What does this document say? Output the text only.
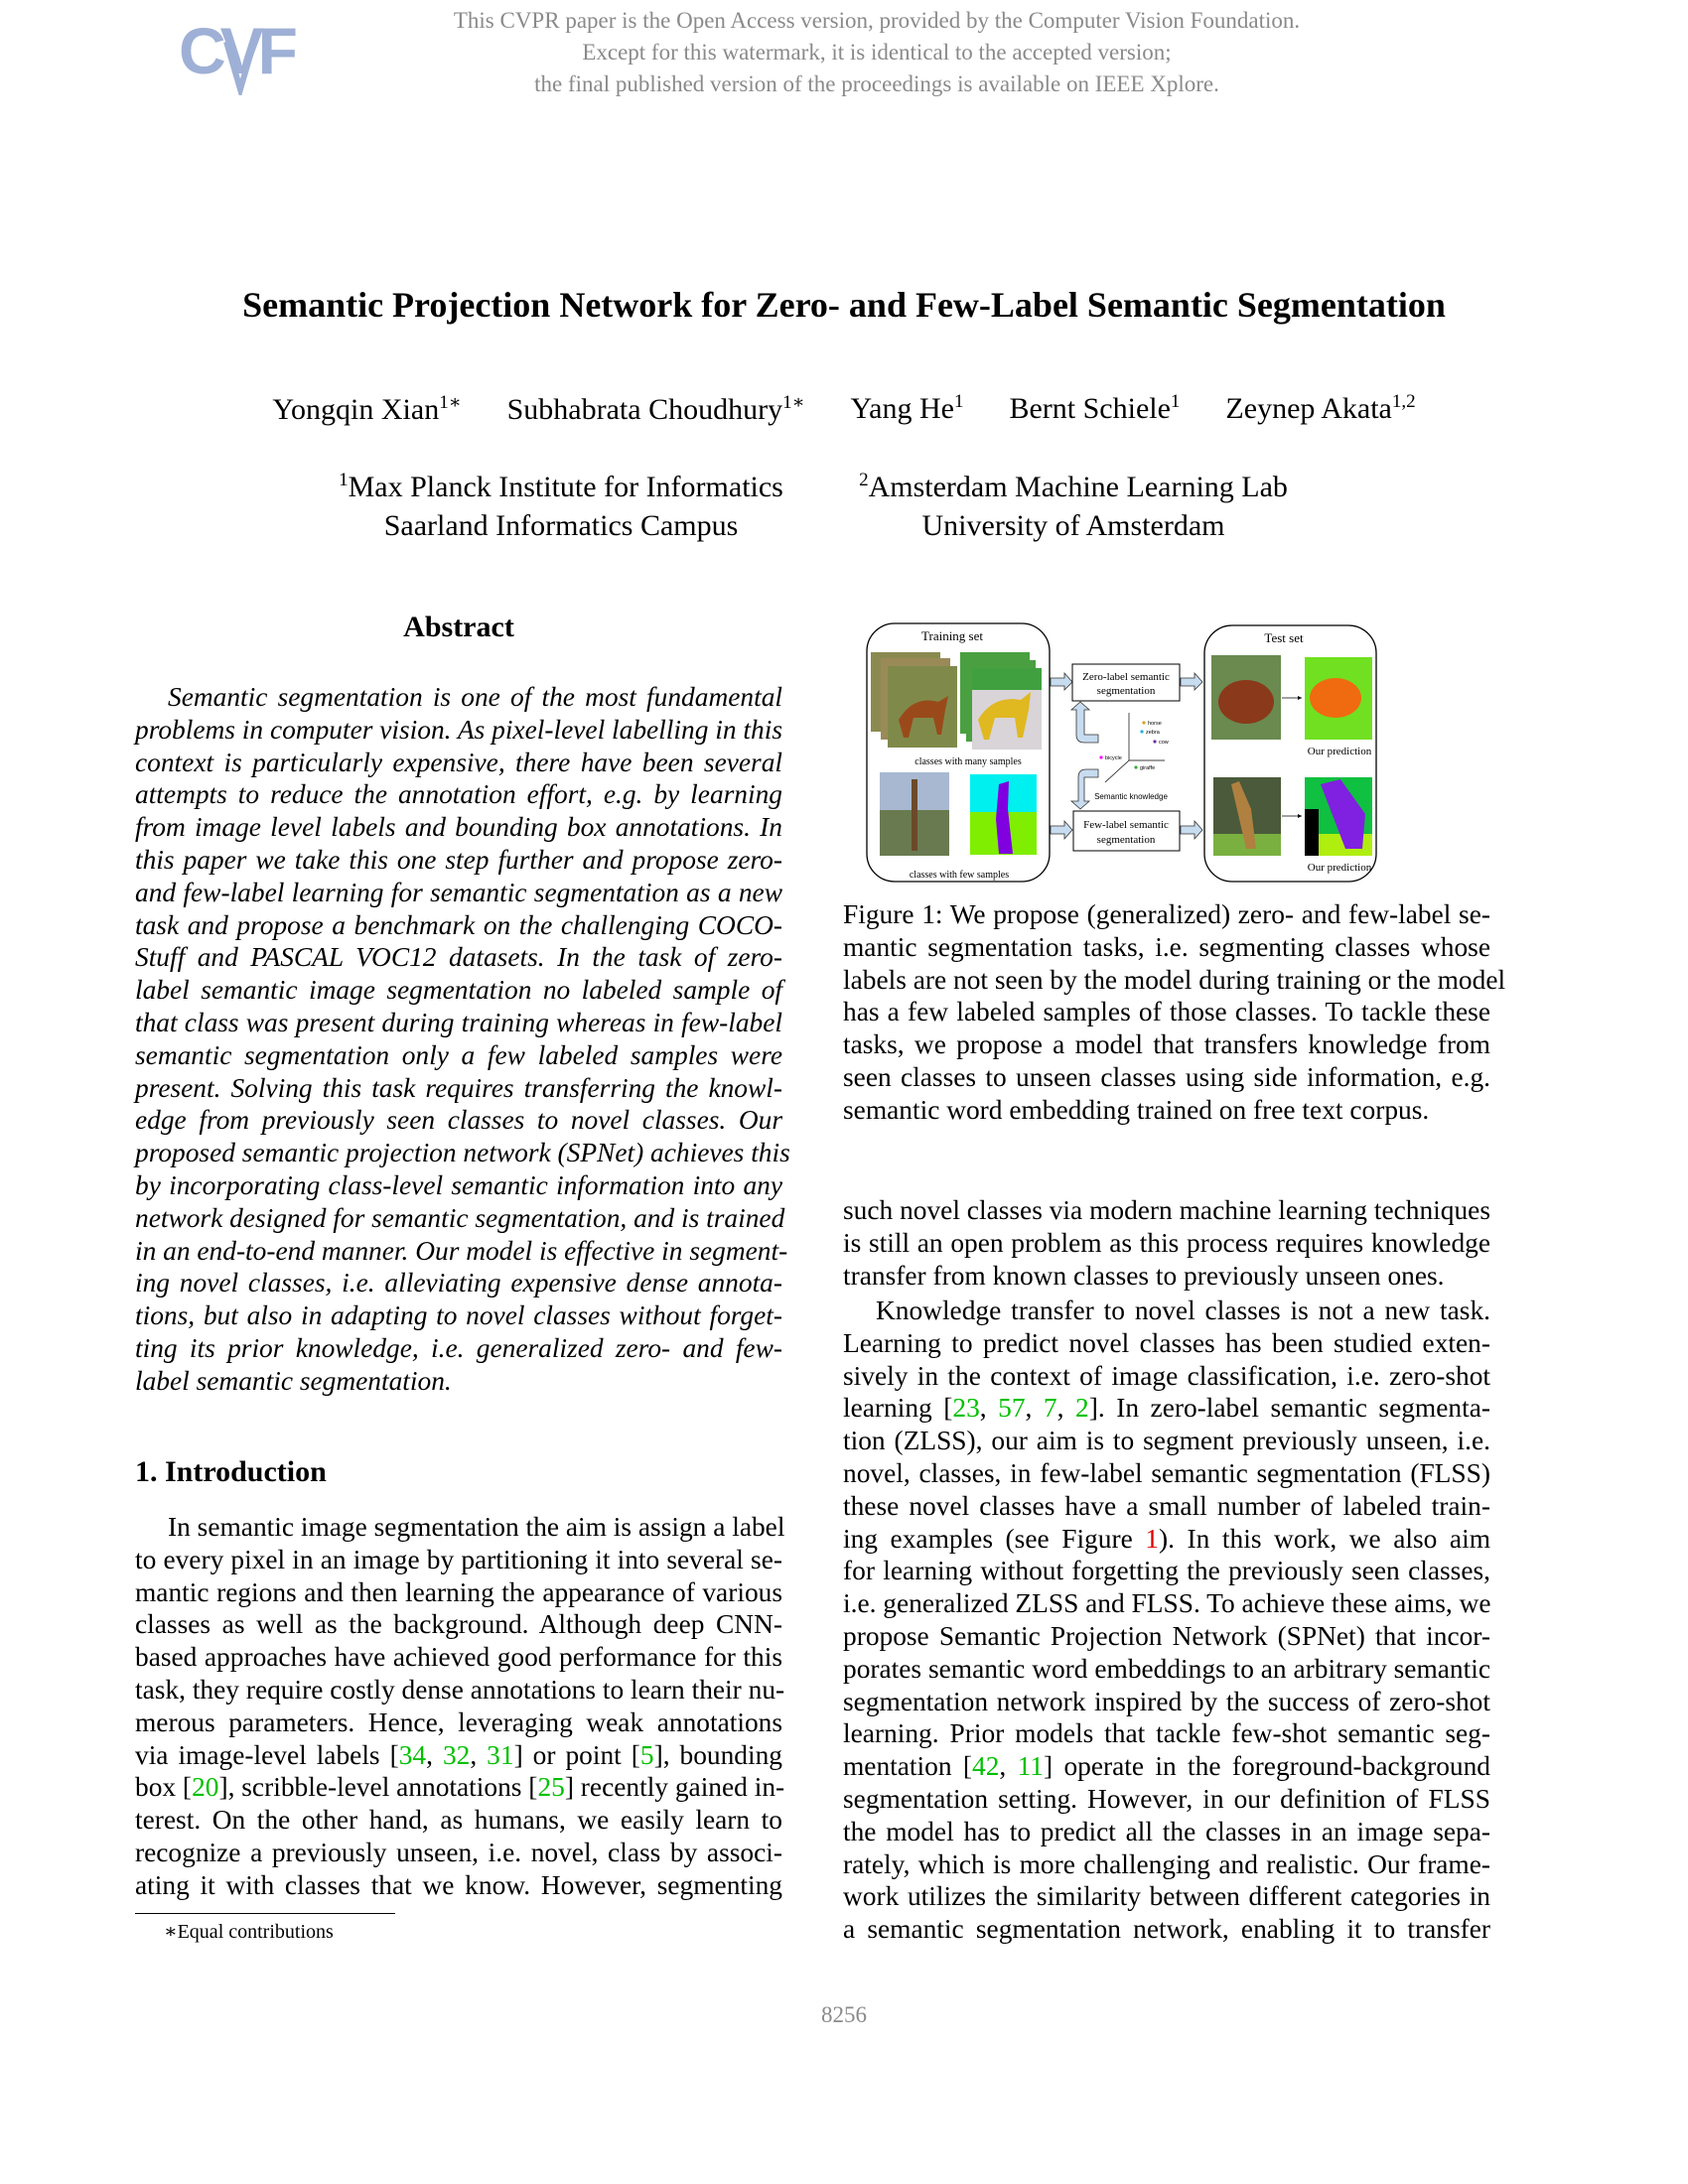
CVF	This CVPR paper is the Open Access version, provided by the Computer Vision Foundation.
Except for this watermark, it is identical to the accepted version;
the final published version of the proceedings is available on IEEE Xplore.
Semantic Projection Network for Zero- and Few-Label Semantic Segmentation
Yongqin Xian$^{1∗}$ Subhabrata Choudhury$^{1∗}$ Yang He$^1$ Bernt Schiele$^1$ Zeynep Akata$^{1,2}$
$^1$Max Planck Institute for Informatics
Saarland Informatics Campus
$^2$Amsterdam Machine Learning Lab
University of Amsterdam
Abstract
Semantic segmentation is one of the most fundamental
problems in computer vision. As pixel-level labelling in this
context is particularly expensive, there have been several
attempts to reduce the annotation effort, e.g. by learning
from image level labels and bounding box annotations. In
this paper we take this one step further and propose zero-
and few-label learning for semantic segmentation as a new
task and propose a benchmark on the challenging COCO-
Stuff and PASCAL VOC12 datasets. In the task of zero-
label semantic image segmentation no labeled sample of
that class was present during training whereas in few-label
semantic segmentation only a few labeled samples were
present. Solving this task requires transferring the knowl-
edge from previously seen classes to novel classes. Our
proposed semantic projection network (SPNet) achieves this
by incorporating class-level semantic information into any
network designed for semantic segmentation, and is trained
in an end-to-end manner. Our model is effective in segment-
ing novel classes, i.e. alleviating expensive dense annota-
tions, but also in adapting to novel classes without forget-
ting its prior knowledge, i.e. generalized zero- and few-
label semantic segmentation.
1. Introduction
In semantic image segmentation the aim is assign a label
to every pixel in an image by partitioning it into several se-
mantic regions and then learning the appearance of various
classes as well as the background. Although deep CNN-
based approaches have achieved good performance for this
task, they require costly dense annotations to learn their nu-
merous parameters. Hence, leveraging weak annotations
via image-level labels [34, 32, 31] or point [5], bounding
box [20], scribble-level annotations [25] recently gained in-
terest. On the other hand, as humans, we easily learn to
recognize a previously unseen, i.e. novel, class by associ-
ating it with classes that we know. However, segmenting
∗Equal contributions
Training set	Test set
classes with many samples
classes with few samples
Zero-label semantic
segmentation
Few-label semantic
segmentation
horse
zebra
cow
bicycle
giraffe
Semantic knowledge
Our prediction
Our prediction
Figure 1: We propose (generalized) zero- and few-label se-
mantic segmentation tasks, i.e. segmenting classes whose
labels are not seen by the model during training or the model
has a few labeled samples of those classes. To tackle these
tasks, we propose a model that transfers knowledge from
seen classes to unseen classes using side information, e.g.
semantic word embedding trained on free text corpus.
such novel classes via modern machine learning techniques
is still an open problem as this process requires knowledge
transfer from known classes to previously unseen ones.
Knowledge transfer to novel classes is not a new task.
Learning to predict novel classes has been studied exten-
sively in the context of image classification, i.e. zero-shot
learning [23, 57, 7, 2]. In zero-label semantic segmenta-
tion (ZLSS), our aim is to segment previously unseen, i.e.
novel, classes, in few-label semantic segmentation (FLSS)
these novel classes have a small number of labeled train-
ing examples (see Figure 1). In this work, we also aim
for learning without forgetting the previously seen classes,
i.e. generalized ZLSS and FLSS. To achieve these aims, we
propose Semantic Projection Network (SPNet) that incor-
porates semantic word embeddings to an arbitrary semantic
segmentation network inspired by the success of zero-shot
learning. Prior models that tackle few-shot semantic seg-
mentation [42, 11] operate in the foreground-background
segmentation setting. However, in our definition of FLSS
the model has to predict all the classes in an image sepa-
rately, which is more challenging and realistic. Our frame-
work utilizes the similarity between different categories in
a semantic segmentation network, enabling it to transfer
8256
